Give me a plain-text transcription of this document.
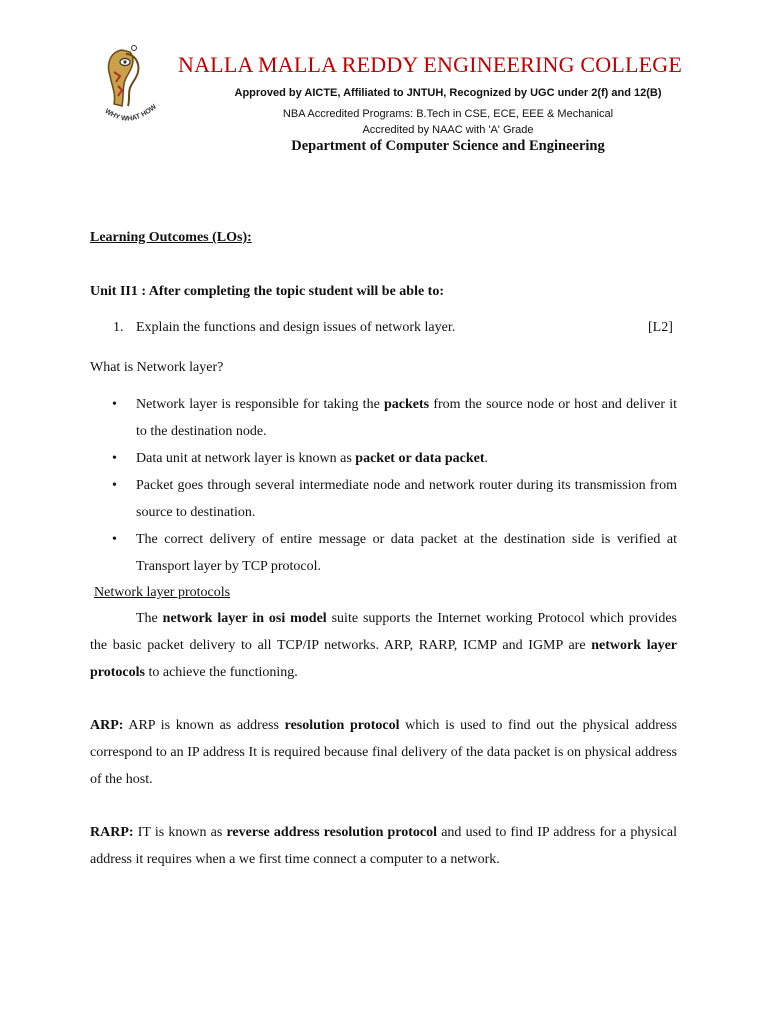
WHY WHAT HOW
NALLA MALLA REDDY ENGINEERING COLLEGE
Approved by AICTE, Affiliated to JNTUH, Recognized by UGC under 2(f) and 12(B)
NBA Accredited Programs: B.Tech in CSE, ECE, EEE & Mechanical
Accredited by NAAC with 'A' Grade
Department of Computer Science and Engineering
Learning Outcomes (LOs):
Unit II1 : After completing the topic student will be able to:
1. Explain the functions and design issues of network layer.	[L2]
What is Network layer?
• Network layer is responsible for taking the packets from the source node or host and deliver it to the destination node.
• Data unit at network layer is known as packet or data packet.
• Packet goes through several intermediate node and network router during its transmission from source to destination.
• The correct delivery of entire message or data packet at the destination side is verified at Transport layer by TCP protocol.
Network layer protocols
The network layer in osi model suite supports the Internet working Protocol which provides the basic packet delivery to all TCP/IP networks. ARP, RARP, ICMP and IGMP are network layer protocols to achieve the functioning.
ARP: ARP is known as address resolution protocol which is used to find out the physical address correspond to an IP address It is required because final delivery of the data packet is on physical address of the host.
RARP: IT is known as reverse address resolution protocol and used to find IP address for a physical address it requires when a we first time connect a computer to a network.
